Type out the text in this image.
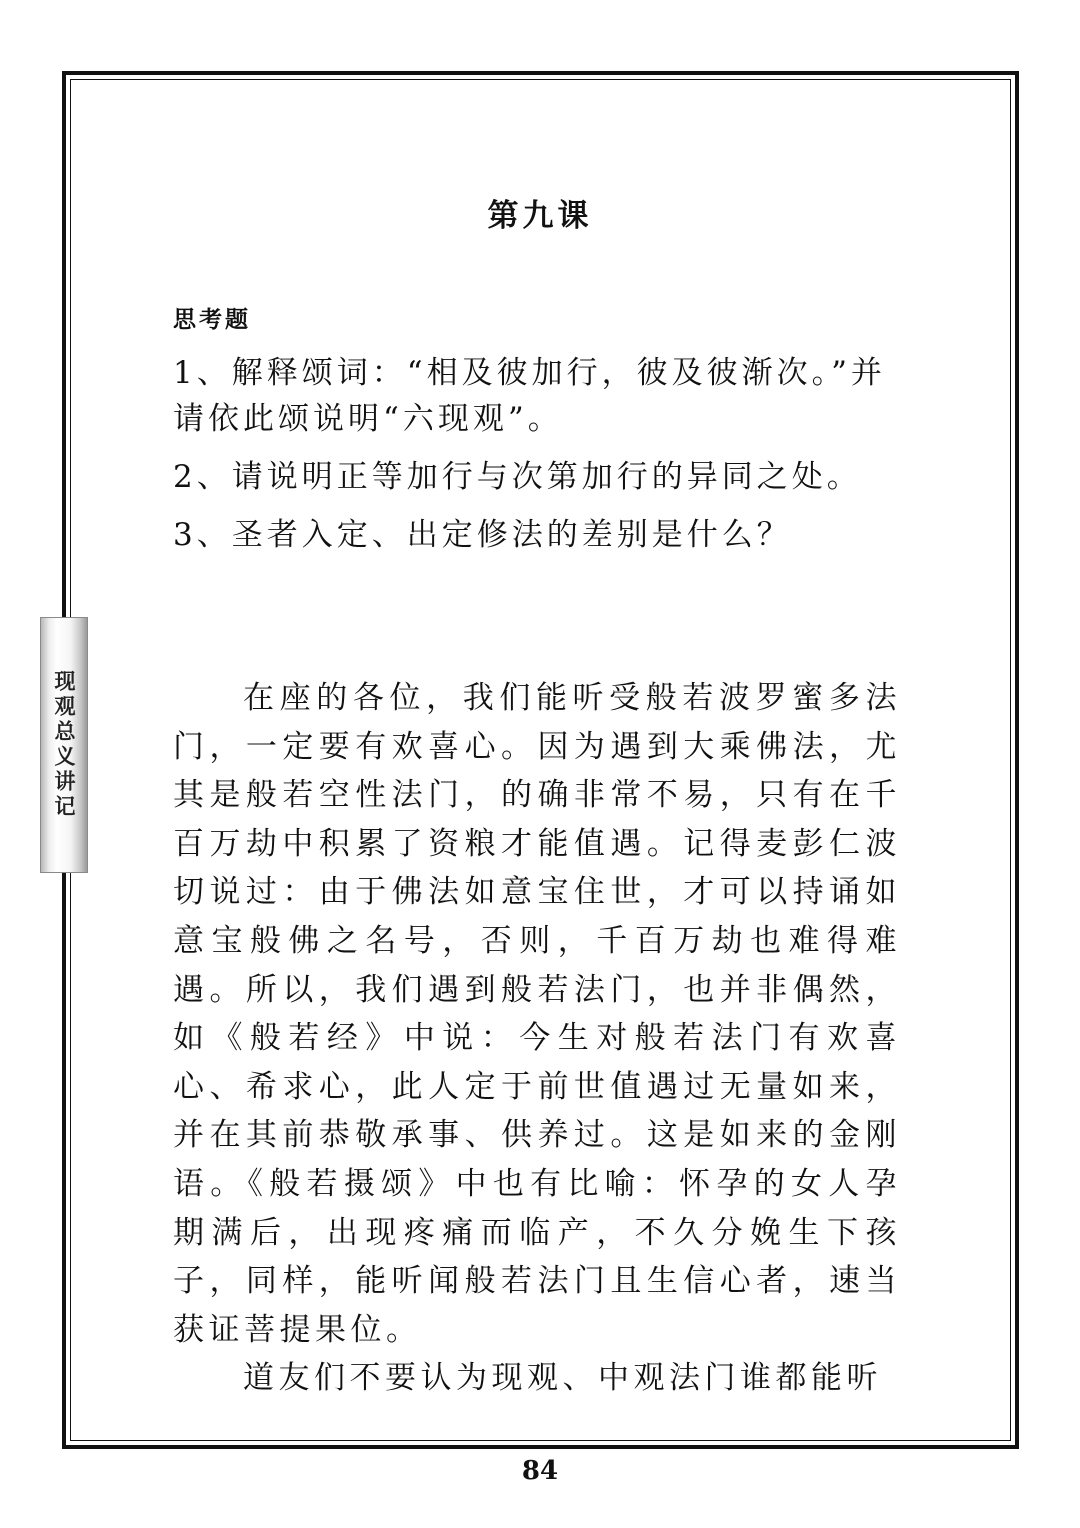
现观总义讲记
第九课
思考题
1、解释颂词：“相及彼加行，彼及彼渐次。”并请依此颂说明“六现观”。
2、请说明正等加行与次第加行的异同之处。
3、圣者入定、出定修法的差别是什么？

在座的各位，我们能听受般若波罗蜜多法门，一定要有欢喜心。因为遇到大乘佛法，尤其是般若空性法门，的确非常不易，只有在千百万劫中积累了资粮才能值遇。记得麦彭仁波切说过：由于佛法如意宝住世，才可以持诵如意宝般佛之名号，否则，千百万劫也难得难遇。所以，我们遇到般若法门，也并非偶然，如《般若经》中说：今生对般若法门有欢喜心、希求心，此人定于前世值遇过无量如来，并在其前恭敬承事、供养过。这是如来的金刚语。《般若摄颂》中也有比喻：怀孕的女人孕期满后，出现疼痛而临产，不久分娩生下孩子，同样，能听闻般若法门且生信心者，速当获证菩提果位。

道友们不要认为现观、中观法门谁都能听

84
